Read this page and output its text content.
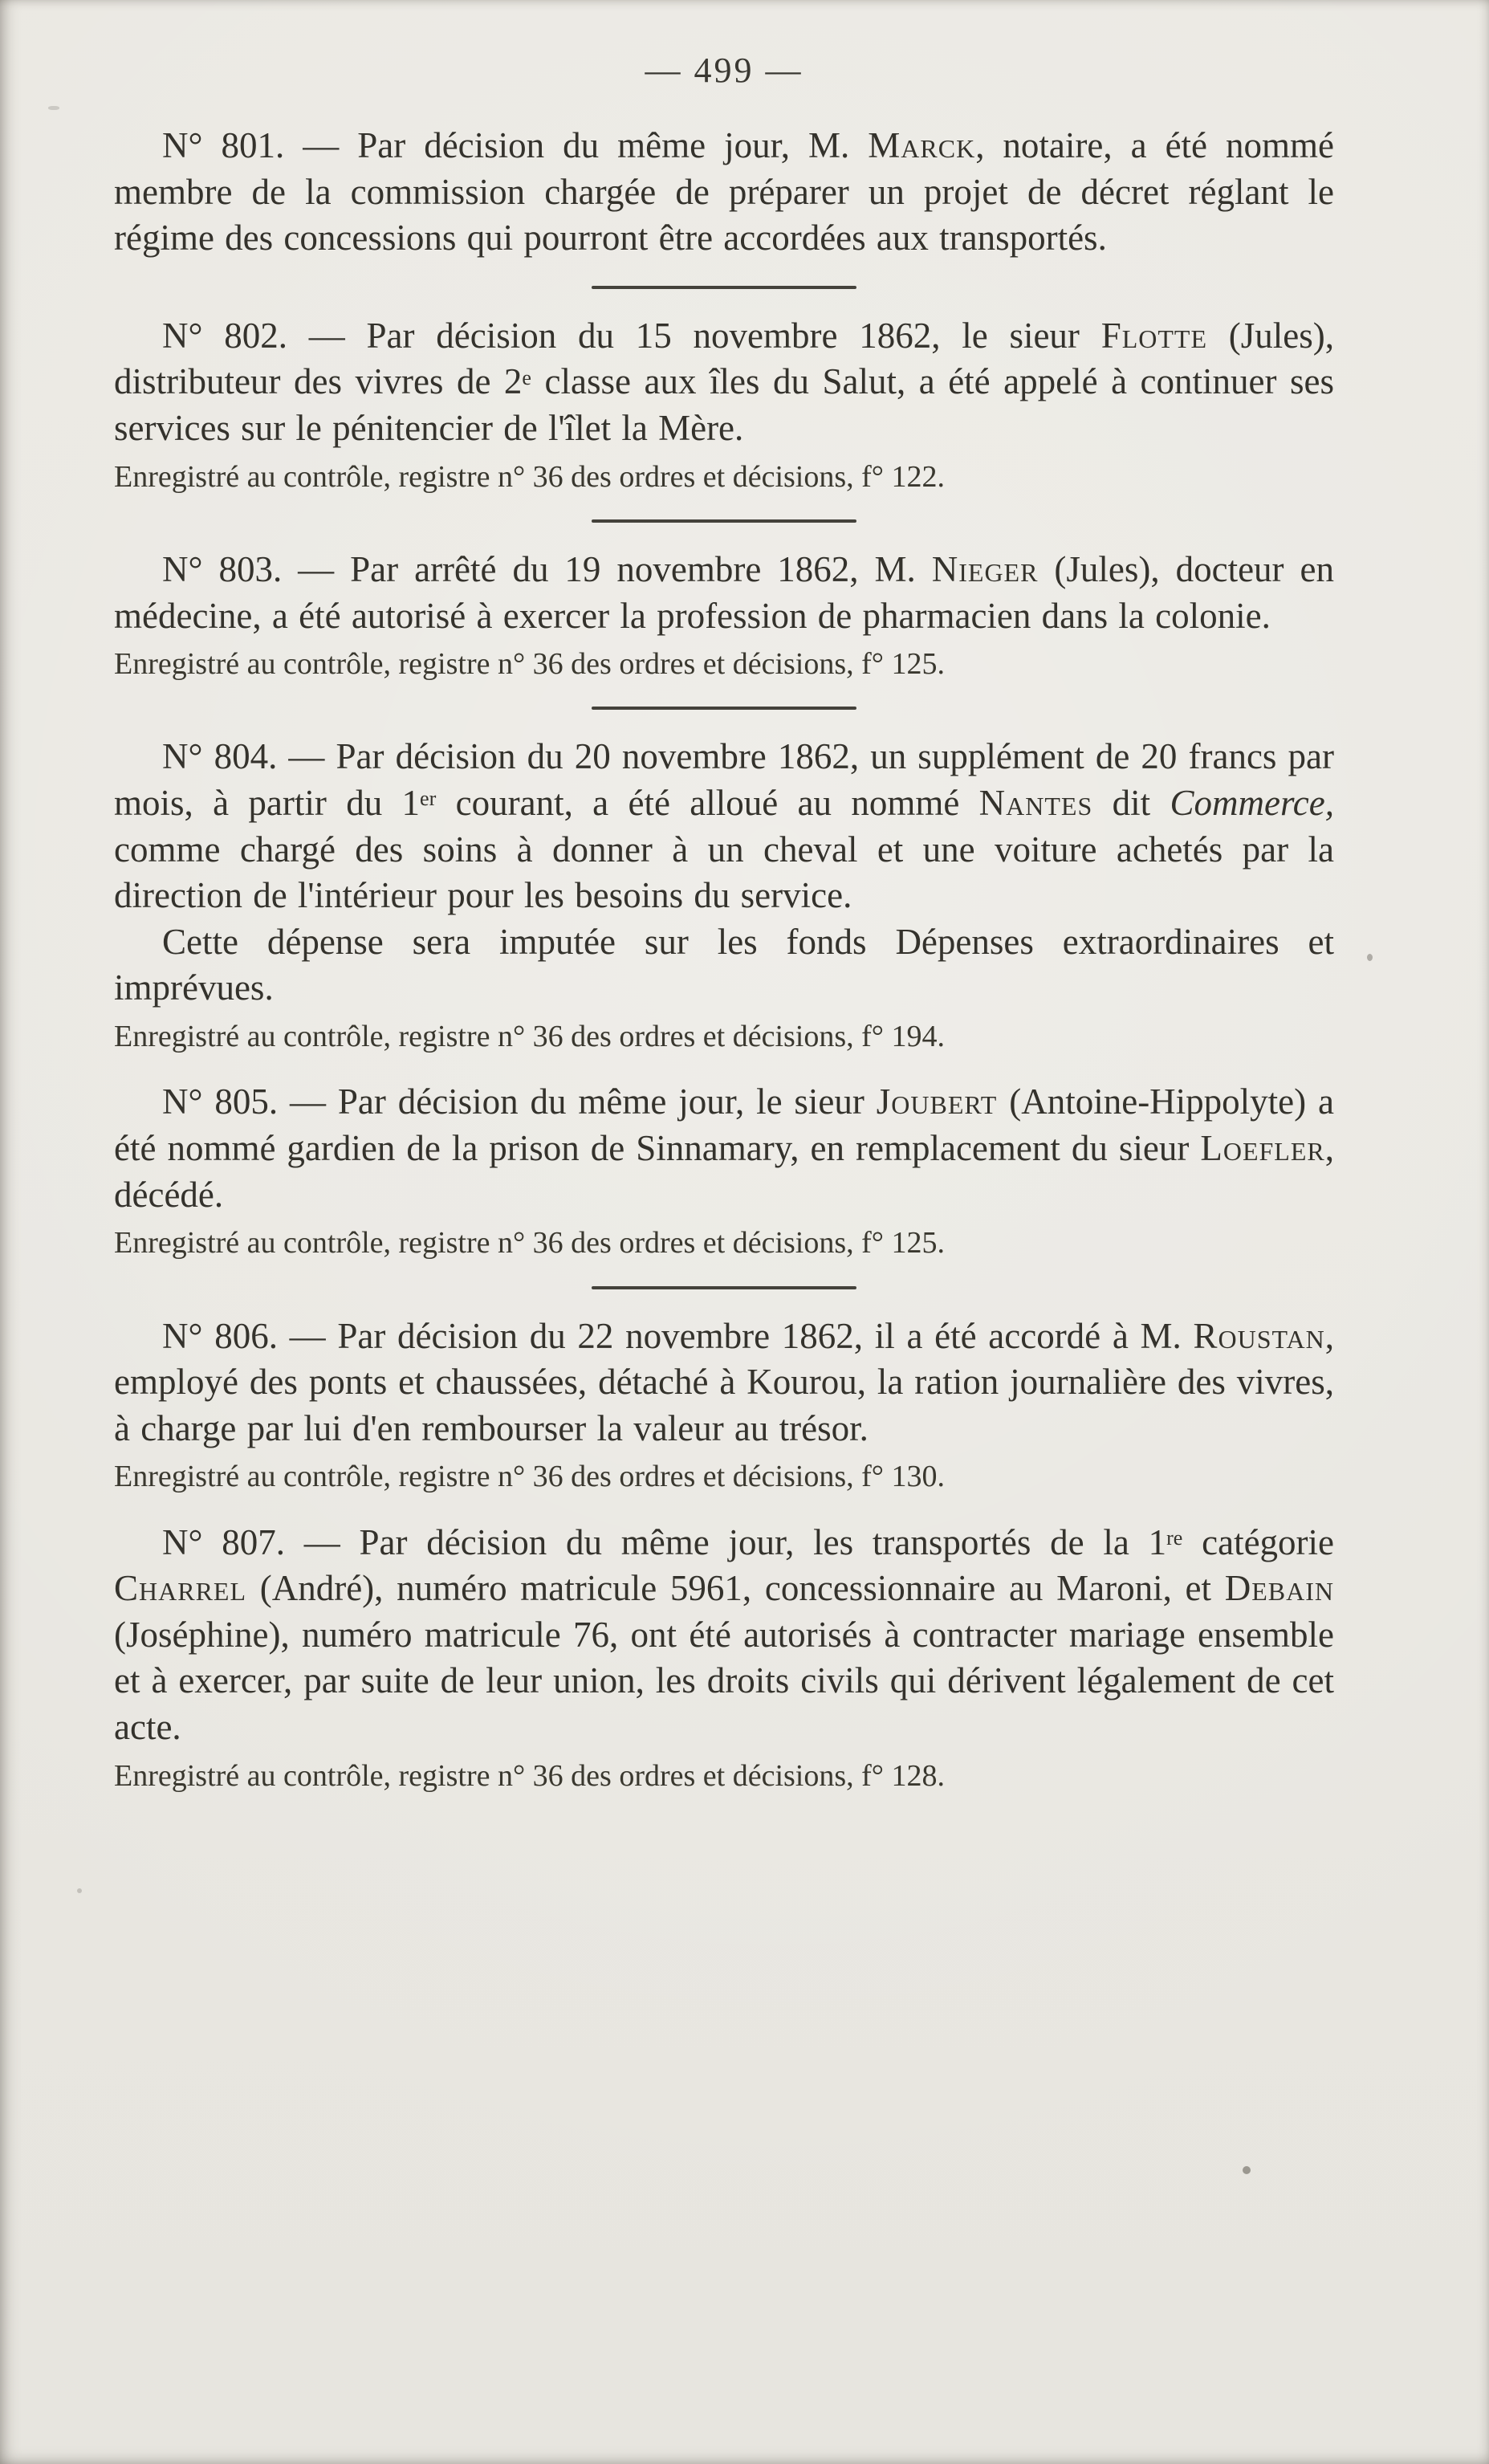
— 499 —

N° 801. — Par décision du même jour, M. Marck, notaire, a été nommé membre de la commission chargée de préparer un projet de décret réglant le régime des concessions qui pourront être accordées aux transportés.

N° 802. — Par décision du 15 novembre 1862, le sieur Flotte (Jules), distributeur des vivres de 2e classe aux îles du Salut, a été appelé à continuer ses services sur le pénitencier de l'îlet la Mère.

Enregistré au contrôle, registre n° 36 des ordres et décisions, f° 122.

N° 803. — Par arrêté du 19 novembre 1862, M. Nieger (Jules), docteur en médecine, a été autorisé à exercer la profession de pharmacien dans la colonie.

Enregistré au contrôle, registre n° 36 des ordres et décisions, f° 125.

N° 804. — Par décision du 20 novembre 1862, un supplément de 20 francs par mois, à partir du 1er courant, a été alloué au nommé Nantes dit Commerce, comme chargé des soins à donner à un cheval et une voiture achetés par la direction de l'intérieur pour les besoins du service.

Cette dépense sera imputée sur les fonds Dépenses extraordinaires et imprévues.

Enregistré au contrôle, registre n° 36 des ordres et décisions, f° 194.

N° 805. — Par décision du même jour, le sieur Joubert (Antoine-Hippolyte) a été nommé gardien de la prison de Sinnamary, en remplacement du sieur Loefler, décédé.

Enregistré au contrôle, registre n° 36 des ordres et décisions, f° 125.

N° 806. — Par décision du 22 novembre 1862, il a été accordé à M. Roustan, employé des ponts et chaussées, détaché à Kourou, la ration journalière des vivres, à charge par lui d'en rembourser la valeur au trésor.

Enregistré au contrôle, registre n° 36 des ordres et décisions, f° 130.

N° 807. — Par décision du même jour, les transportés de la 1re catégorie Charrel (André), numéro matricule 5961, concessionnaire au Maroni, et Debain (Joséphine), numéro matricule 76, ont été autorisés à contracter mariage ensemble et à exercer, par suite de leur union, les droits civils qui dérivent légalement de cet acte.

Enregistré au contrôle, registre n° 36 des ordres et décisions, f° 128.
